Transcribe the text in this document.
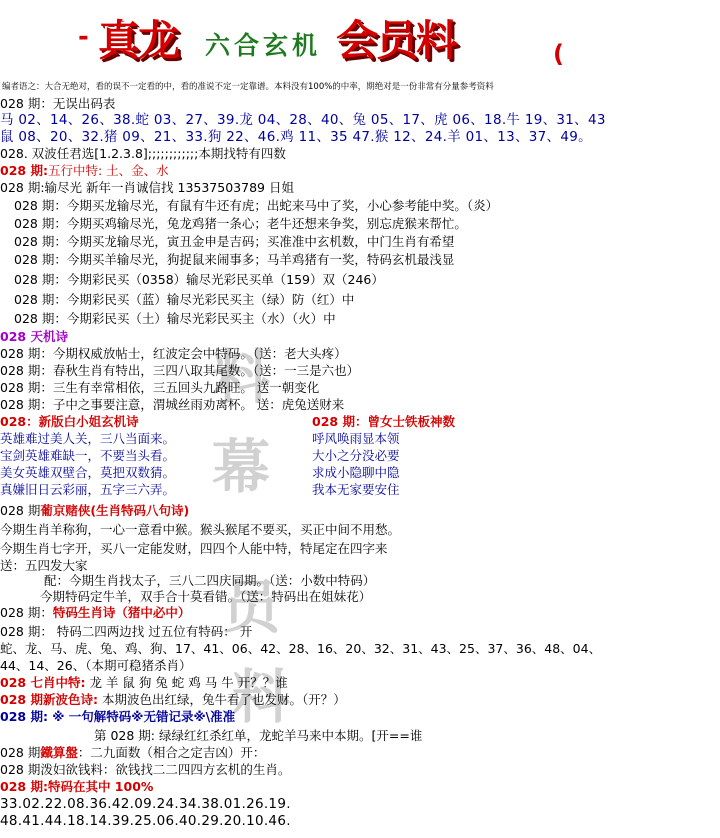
- 真龙 六合玄机 会员料	(
编者语之：大合无绝对，看的误不一定看的中，看的准说不定一定靠谱。本料没有100%的中率，期绝对是一份非常有分量参考资料
料
幕
员
料
028 期：无误出码表
马 02、14、26、38.蛇 03、27、39.龙 04、28、40、兔 05、17、虎 06、18.牛 19、31、43
鼠 08、20、32.猪 09、21、33.狗 22、46.鸡 11、35 47.猴 12、24.羊 01、13、37、49。
028. 双波任君选[1.2.3.8];;;;;;;;;;;;本期找特有四数
028 期:五行中特: 土、金、水
028 期:输尽光 新年一肖诚信找 13537503789 日姐
028 期：今期买龙输尽光，有鼠有牛还有虎；出蛇来马中了奖，小心参考能中奖。（炎）
028 期：今期买鸡输尽光，兔龙鸡猪一条心；老牛还想来争奖，别忘虎猴来帮忙。
028 期：今期买龙输尽光，寅丑金申是吉码；买准准中玄机数，中门生肖有希望
028 期：今期买羊输尽光，狗捉鼠来闹事多；马羊鸡猪有一奖，特码玄机最浅显
028 期：今期彩民买（0358）输尽光彩民买单（159）双（246）
028 期：今期彩民买（蓝）输尽光彩民买主（绿）防（红）中
028 期：今期彩民买（土）输尽光彩民买主（水）（火）中
028 天机诗
028 期：今期权威放帖士，红波定会中特码。（送：老大头疼）
028 期：春秋生肖有特出，三四八取其尾数。（送：一三是六也）
028 期：三生有幸常相依，三五回头九路旺。 送一朝变化
028 期：子中之事要注意，渭城丝雨劝离杯。 送：虎兔送财来
028：新版白小姐玄机诗	028 期：曾女士铁板神数
英雄难过美人关，三八当面来。	呼风唤雨显本领
宝剑英雄难缺一，不要当头看。	大小之分没必要
美女英雄双壁合，莫把双数猜。	求成小隐聊中隐
真嫌旧日云彩丽，五字三六弄。	我本无家要安住
028 期葡京赌侠(生肖特码八句诗)
今期生肖羊称狗，一心一意看中猴。猴头猴尾不要买，买正中间不用愁。
今期生肖七字开，买八一定能发财，四四个人能中特，特尾定在四字来
送：五四发大家
配：今期生肖找太子，三八二四庆同期。（送：小数中特码）
今期特码定牛羊，双手合十莫看错。（送：特码出在姐妹花）
028 期：特码生肖诗（猪中必中）
028 期： 特码二四两边找 过五位有特码： 开
蛇、龙、马、虎、兔、鸡、狗、17、41、06、42、28、16、20、32、31、43、25、37、36、48、04、
44、14、26、（本期可稳猪杀肖）
028 七肖中特: 龙 羊 鼠 狗 兔 蛇 鸡 马 牛 开？？谁
028 期新波色诗: 本期波色出红绿，兔牛看了也发财。（开？）
028 期: ※ 一句解特码※无错记录※\准准
第 028 期: 绿绿红红杀红单，龙蛇羊马来中本期。[开==谁
028 期鐵算盤：二九面数（相合之定吉凶）开：
028 期泼妇欲钱料：欲钱找二二四四方玄机的生肖。
028 期:特码在其中 100%
33.02.22.08.36.42.09.24.34.38.01.26.19.
48.41.44.18.14.39.25.06.40.29.20.10.46.
